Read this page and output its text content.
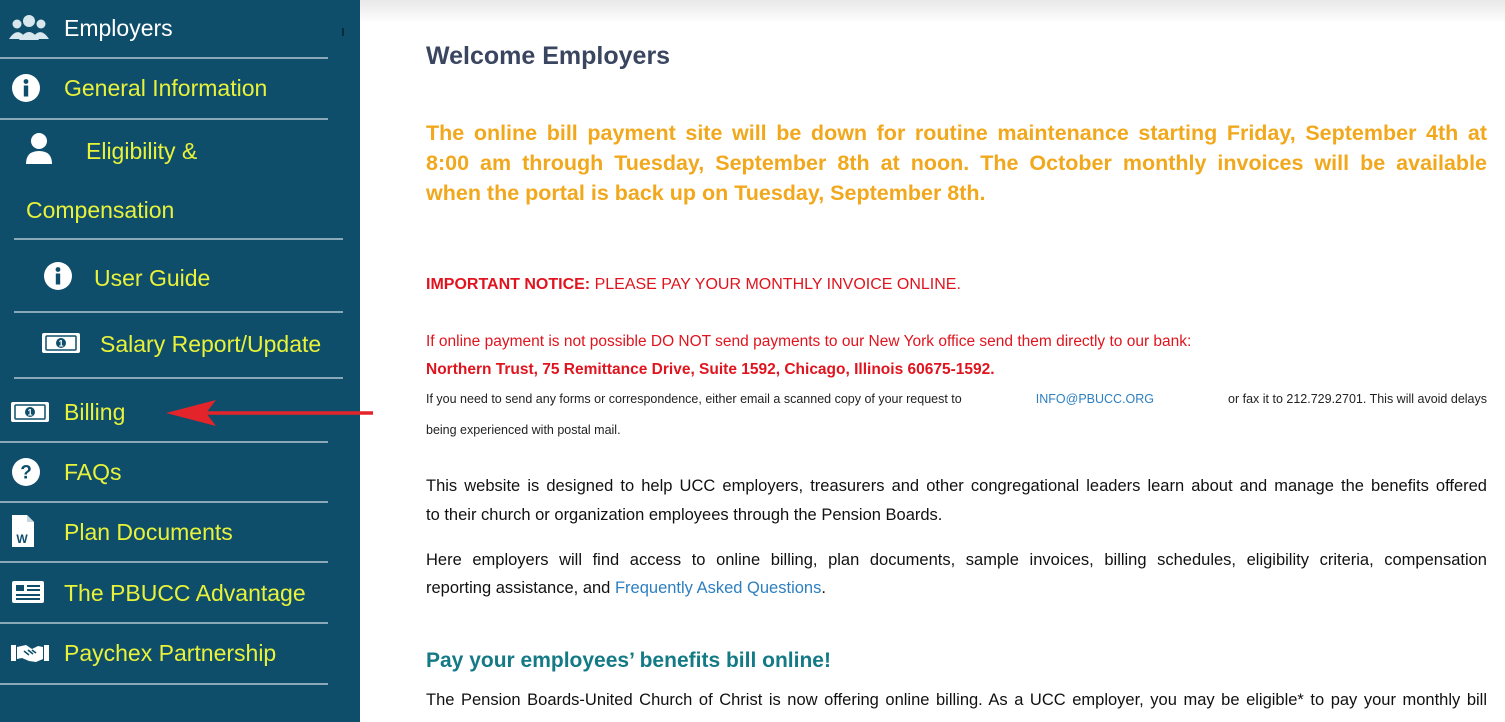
Employers
General Information
Eligibility &
Compensation
User Guide
1 Salary Report/Update
1 Billing
? FAQs
W Plan Documents
The PBUCC Advantage
Paychex Partnership
Welcome Employers
The online bill payment site will be down for routine maintenance starting Friday, September 4th at
8:00 am through Tuesday, September 8th at noon. The October monthly invoices will be available
when the portal is back up on Tuesday, September 8th.
IMPORTANT NOTICE: PLEASE PAY YOUR MONTHLY INVOICE ONLINE.
If online payment is not possible DO NOT send payments to our New York office send them directly to our bank:
Northern Trust, 75 Remittance Drive, Suite 1592, Chicago, Illinois 60675-1592.
If you need to send any forms or correspondence, either email a scanned copy of your request to	INFO@PBUCC.ORG	or fax it to 212.729.2701. This will avoid delays
being experienced with postal mail.
This website is designed to help UCC employers, treasurers and other congregational leaders learn about and manage the benefits offered
to their church or organization employees through the Pension Boards.
Here employers will find access to online billing, plan documents, sample invoices, billing schedules, eligibility criteria, compensation
reporting assistance, and Frequently Asked Questions.
Pay your employees’ benefits bill online!
The Pension Boards-United Church of Christ is now offering online billing. As a UCC employer, you may be eligible* to pay your monthly bill
